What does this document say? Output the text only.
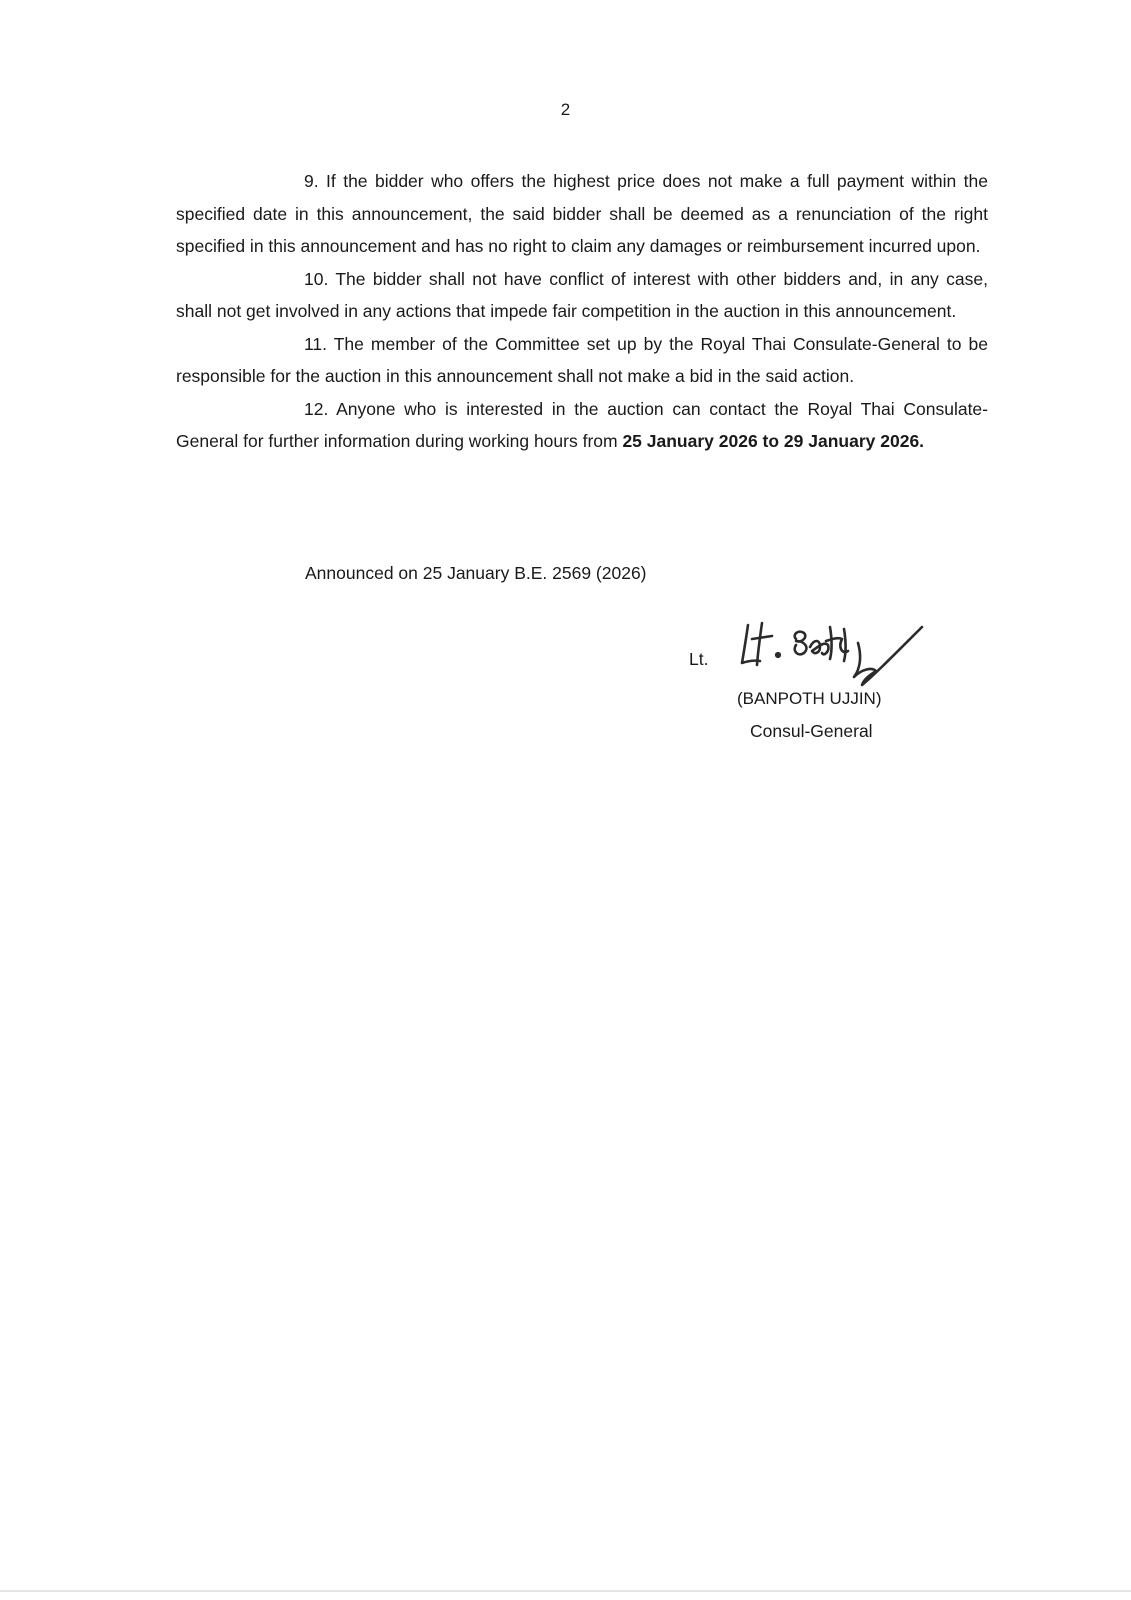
2

9. If the bidder who offers the highest price does not make a full payment within the specified date in this announcement, the said bidder shall be deemed as a renunciation of the right specified in this announcement and has no right to claim any damages or reimbursement incurred upon.

10. The bidder shall not have conflict of interest with other bidders and, in any case, shall not get involved in any actions that impede fair competition in the auction in this announcement.

11. The member of the Committee set up by the Royal Thai Consulate-General to be responsible for the auction in this announcement shall not make a bid in the said action.

12. Anyone who is interested in the auction can contact the Royal Thai Consulate-General for further information during working hours from 25 January 2026 to 29 January 2026.

Announced on 25 January B.E. 2569 (2026)
Lt.
(BANPOTH UJJIN)
Consul-General
